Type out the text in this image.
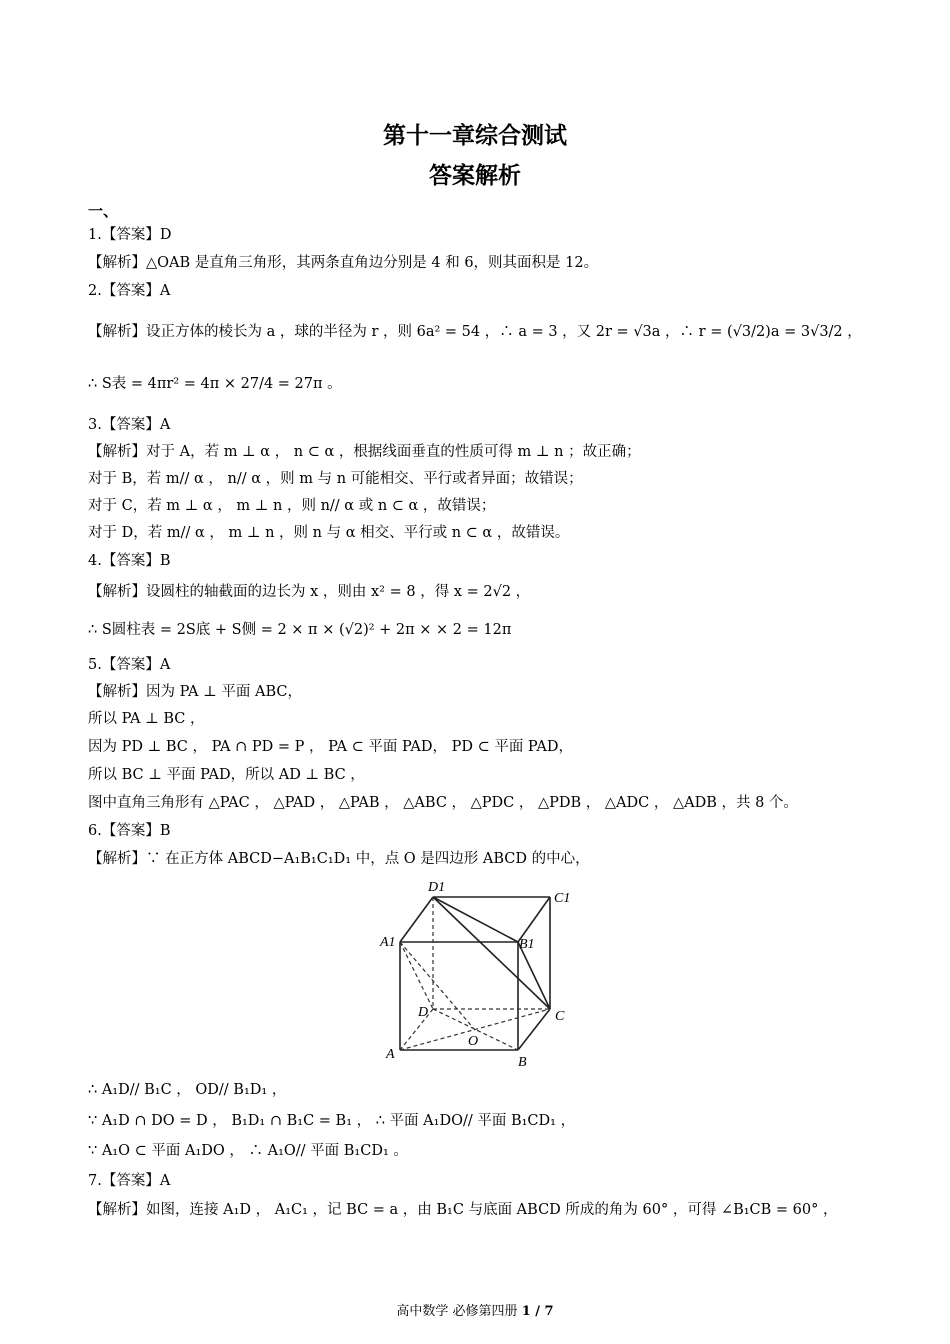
第十一章综合测试
答案解析
一、
1.【答案】D
【解析】△OAB 是直角三角形，其两条直角边分别是 4 和 6，则其面积是 12。
2.【答案】A
【解析】设正方体的棱长为 a ，球的半径为 r ，则 6a² = 54 ，∴ a = 3 ，又 2r = √3a ，∴ r = (√3/2)a = 3√3/2 ，
∴ S表 = 4πr² = 4π × 27/4 = 27π 。
3.【答案】A
【解析】对于 A，若 m ⊥ α ， n ⊂ α ，根据线面垂直的性质可得 m ⊥ n ；故正确；
对于 B，若 m// α ， n// α ，则 m 与 n 可能相交、平行或者异面；故错误；
对于 C，若 m ⊥ α ， m ⊥ n ，则 n// α 或 n ⊂ α ，故错误；
对于 D，若 m// α ， m ⊥ n ，则 n 与 α 相交、平行或 n ⊂ α ，故错误。
4.【答案】B
【解析】设圆柱的轴截面的边长为 x ，则由 x² = 8 ，得 x = 2√2 ，
∴ S圆柱表 = 2S底 + S侧 = 2 × π × (√2)² + 2π × × 2 = 12π
5.【答案】A
【解析】因为 PA ⊥ 平面 ABC，
所以 PA ⊥ BC ，
因为 PD ⊥ BC ， PA ∩ PD = P ， PA ⊂ 平面 PAD， PD ⊂ 平面 PAD，
所以 BC ⊥ 平面 PAD，所以 AD ⊥ BC ，
图中直角三角形有 △PAC ， △PAD ， △PAB ， △ABC ， △PDC ， △PDB ， △ADC ， △ADB ，共 8 个。
6.【答案】B
【解析】∵ 在正方体 ABCD−A₁B₁C₁D₁ 中，点 O 是四边形 ABCD 的中心，
D1
C1
A1	B1
D	C
O
A
B
∴ A₁D// B₁C ， OD// B₁D₁ ，
∵ A₁D ∩ DO = D ， B₁D₁ ∩ B₁C = B₁ ， ∴ 平面 A₁DO// 平面 B₁CD₁ ，
∵ A₁O ⊂ 平面 A₁DO ， ∴ A₁O// 平面 B₁CD₁ 。
7.【答案】A
【解析】如图，连接 A₁D ， A₁C₁ ，记 BC = a ，由 B₁C 与底面 ABCD 所成的角为 60° ，可得 ∠B₁CB = 60° ，
高中数学 必修第四册 1 / 7
